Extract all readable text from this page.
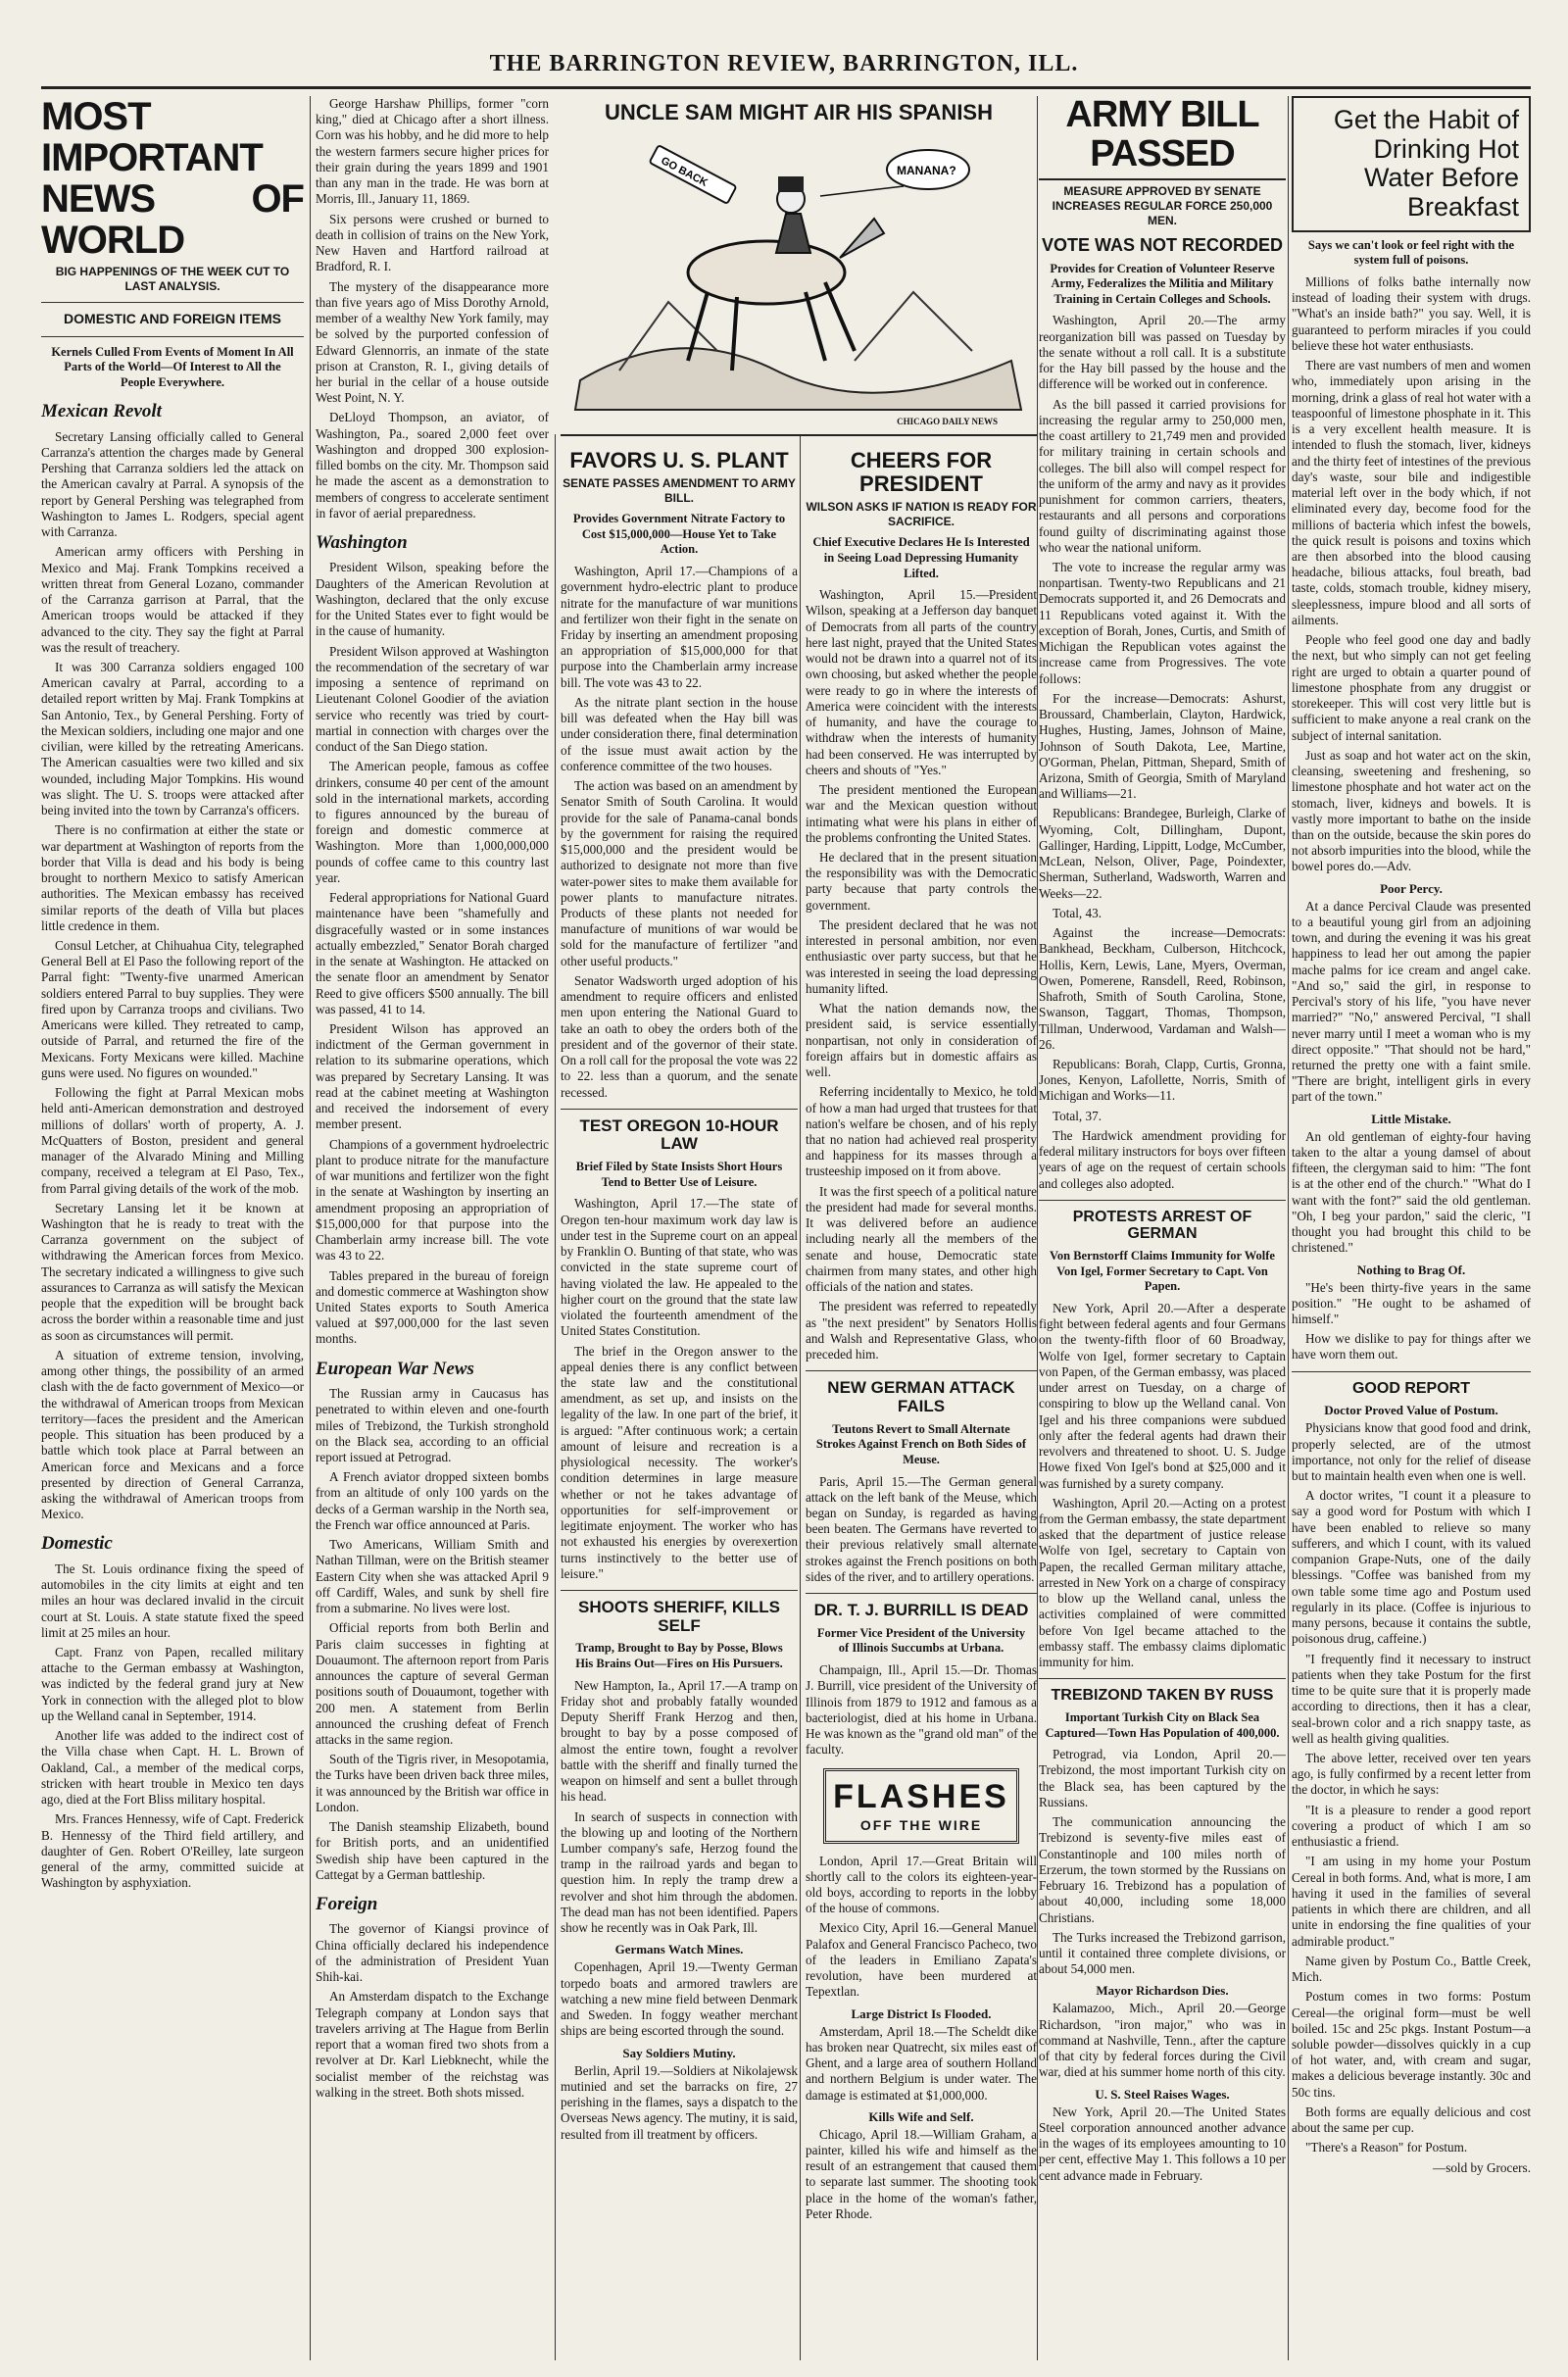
THE BARRINGTON REVIEW, BARRINGTON, ILL.
MOST IMPORTANT NEWS OF WORLD
BIG HAPPENINGS OF THE WEEK CUT TO LAST ANALYSIS.
DOMESTIC AND FOREIGN ITEMS
Kernels Culled From Events of Moment In All Parts of the World—Of Interest to All the People Everywhere.
Mexican Revolt

Secretary Lansing officially called to General Carranza's attention the charges made by General Pershing that Carranza soldiers led the attack on the American cavalry at Parral. A synopsis of the report by General Pershing was telegraphed from Washington to James L. Rodgers, special agent with Carranza.

American army officers with Pershing in Mexico and Maj. Frank Tompkins received a written threat from General Lozano, commander of the Carranza garrison at Parral, that the American troops would be attacked if they advanced to the city. They say the fight at Parral was the result of treachery.

It was 300 Carranza soldiers engaged 100 American cavalry at Parral, according to a detailed report written by Maj. Frank Tompkins at San Antonio, Tex., by General Pershing. Forty of the Mexican soldiers, including one major and one civilian, were killed by the retreating Americans. The American casualties were two killed and six wounded, including Major Tompkins. His wound was slight. The U. S. troops were attacked after being invited into the town by Carranza's officers.

There is no confirmation at either the state or war department at Washington of reports from the border that Villa is dead and his body is being brought to northern Mexico to satisfy American authorities. The Mexican embassy has received similar reports of the death of Villa but places little credence in them.

Consul Letcher, at Chihuahua City, telegraphed General Bell at El Paso the following report of the Parral fight: "Twenty-five unarmed American soldiers entered Parral to buy supplies. They were fired upon by Carranza troops and civilians. Two Americans were killed. They retreated to camp, outside of Parral, and returned the fire of the Mexicans. Forty Mexicans were killed. Machine guns were used. No figures on wounded."

Following the fight at Parral Mexican mobs held anti-American demonstration and destroyed millions of dollars' worth of property, A. J. McQuatters of Boston, president and general manager of the Alvarado Mining and Milling company, received a telegram at El Paso, Tex., from Parral giving details of the work of the mob.

Secretary Lansing let it be known at Washington that he is ready to treat with the Carranza government on the subject of withdrawing the American forces from Mexico. The secretary indicated a willingness to give such assurances to Carranza as will satisfy the Mexican people that the expedition will be brought back across the border within a reasonable time and just as soon as circumstances will permit.

A situation of extreme tension, involving, among other things, the possibility of an armed clash with the de facto government of Mexico—or the withdrawal of American troops from Mexican territory—faces the president and the American people. This situation has been produced by a battle which took place at Parral between an American force and Mexicans and a force presented by direction of General Carranza, asking the withdrawal of American troops from Mexico.

Domestic

The St. Louis ordinance fixing the speed of automobiles in the city limits at eight and ten miles an hour was declared invalid in the circuit court at St. Louis. A state statute fixed the speed limit at 25 miles an hour.

Capt. Franz von Papen, recalled military attache to the German embassy at Washington, was indicted by the federal grand jury at New York in connection with the alleged plot to blow up the Welland canal in September, 1914.

Another life was added to the indirect cost of the Villa chase when Capt. H. L. Brown of Oakland, Cal., a member of the medical corps, stricken with heart trouble in Mexico ten days ago, died at the Fort Bliss military hospital.

Mrs. Frances Hennessy, wife of Capt. Frederick B. Hennessy of the Third field artillery, and daughter of Gen. Robert O'Reilley, late surgeon general of the army, committed suicide at Washington by asphyxiation.

George Harshaw Phillips, former "corn king," died at Chicago after a short illness. Corn was his hobby, and he did more to help the western farmers secure higher prices for their grain during the years 1899 and 1901 than any man in the trade. He was born at Morris, Ill., January 11, 1869.

Six persons were crushed or burned to death in collision of trains on the New York, New Haven and Hartford railroad at Bradford, R. I.

The mystery of the disappearance more than five years ago of Miss Dorothy Arnold, member of a wealthy New York family, may be solved by the purported confession of Edward Glennorris, an inmate of the state prison at Cranston, R. I., giving details of her burial in the cellar of a house outside West Point, N. Y.

DeLloyd Thompson, an aviator, of Washington, Pa., soared 2,000 feet over Washington and dropped 300 explosion-filled bombs on the city. Mr. Thompson said he made the ascent as a demonstration to members of congress to accelerate sentiment in favor of aerial preparedness.

Washington

President Wilson, speaking before the Daughters of the American Revolution at Washington, declared that the only excuse for the United States ever to fight would be in the cause of humanity.

President Wilson approved at Washington the recommendation of the secretary of war imposing a sentence of reprimand on Lieutenant Colonel Goodier of the aviation service who recently was tried by court-martial in connection with charges over the conduct of the San Diego station.

The American people, famous as coffee drinkers, consume 40 per cent of the amount sold in the international markets, according to figures announced by the bureau of foreign and domestic commerce at Washington. More than 1,000,000,000 pounds of coffee came to this country last year.

Federal appropriations for National Guard maintenance have been "shamefully and disgracefully wasted or in some instances actually embezzled," Senator Borah charged in the senate at Washington. He attacked on the senate floor an amendment by Senator Reed to give officers $500 annually. The bill was passed, 41 to 14.

President Wilson has approved an indictment of the German government in relation to its submarine operations, which was prepared by Secretary Lansing. It was read at the cabinet meeting at Washington and received the indorsement of every member present.

Champions of a government hydroelectric plant to produce nitrate for the manufacture of war munitions and fertilizer won the fight in the senate at Washington by inserting an amendment proposing an appropriation of $15,000,000 for that purpose into the Chamberlain army increase bill. The vote was 43 to 22.

Tables prepared in the bureau of foreign and domestic commerce at Washington show United States exports to South America valued at $97,000,000 for the last seven months.

European War News

The Russian army in Caucasus has penetrated to within eleven and one-fourth miles of Trebizond, the Turkish stronghold on the Black sea, according to an official report issued at Petrograd.

A French aviator dropped sixteen bombs from an altitude of only 100 yards on the decks of a German warship in the North sea, the French war office announced at Paris.

Two Americans, William Smith and Nathan Tillman, were on the British steamer Eastern City when she was attacked April 9 off Cardiff, Wales, and sunk by shell fire from a submarine. No lives were lost.

Official reports from both Berlin and Paris claim successes in fighting at Douaumont. The afternoon report from Paris announces the capture of several German positions south of Douaumont, together with 200 men. A statement from Berlin announced the crushing defeat of French attacks in the same region.

South of the Tigris river, in Mesopotamia, the Turks have been driven back three miles, it was announced by the British war office in London.

The Danish steamship Elizabeth, bound for British ports, and an unidentified Swedish ship have been captured in the Cattegat by a German battleship.

Foreign

The governor of Kiangsi province of China officially declared his independence of the administration of President Yuan Shih-kai.

An Amsterdam dispatch to the Exchange Telegraph company at London says that travelers arriving at The Hague from Berlin report that a woman fired two shots from a revolver at Dr. Karl Liebknecht, while the socialist member of the reichstag was walking in the street. Both shots missed.

UNCLE SAM MIGHT AIR HIS SPANISH
GO BACK	MANANA?
CHICAGO DAILY NEWS
FAVORS U. S. PLANT
SENATE PASSES AMENDMENT TO ARMY BILL.
Provides Government Nitrate Factory to Cost $15,000,000—House Yet to Take Action.

Washington, April 17.—Champions of a government hydro-electric plant to produce nitrate for the manufacture of war munitions and fertilizer won their fight in the senate on Friday by inserting an amendment proposing an appropriation of $15,000,000 for that purpose into the Chamberlain army increase bill. The vote was 43 to 22.

As the nitrate plant section in the house bill was defeated when the Hay bill was under consideration there, final determination of the issue must await action by the conference committee of the two houses.

The action was based on an amendment by Senator Smith of South Carolina. It would provide for the sale of Panama-canal bonds by the government for raising the required $15,000,000 and the president would be authorized to designate not more than five water-power sites to make them available for power plants to manufacture nitrates. Products of these plants not needed for manufacture of munitions of war would be sold for the manufacture of fertilizer "and other useful products."

Senator Wadsworth urged adoption of his amendment to require officers and enlisted men upon entering the National Guard to take an oath to obey the orders both of the president and of the governor of their state. On a roll call for the proposal the vote was 22 to 22. less than a quorum, and the senate recessed.

TEST OREGON 10-HOUR LAW
Brief Filed by State Insists Short Hours Tend to Better Use of Leisure.

Washington, April 17.—The state of Oregon ten-hour maximum work day law is under test in the Supreme court on an appeal by Franklin O. Bunting of that state, who was convicted in the state supreme court of having violated the law. He appealed to the higher court on the ground that the state law violated the fourteenth amendment of the United States Constitution.

The brief in the Oregon answer to the appeal denies there is any conflict between the state law and the constitutional amendment, as set up, and insists on the legality of the law. In one part of the brief, it is argued: "After continuous work; a certain amount of leisure and recreation is a physiological necessity. The worker's condition determines in large measure whether or not he takes advantage of opportunities for self-improvement or legitimate enjoyment. The worker who has not exhausted his energies by overexertion turns instinctively to the better use of leisure."

SHOOTS SHERIFF, KILLS SELF
Tramp, Brought to Bay by Posse, Blows His Brains Out—Fires on His Pursuers.

New Hampton, Ia., April 17.—A tramp on Friday shot and probably fatally wounded Deputy Sheriff Frank Herzog and then, brought to bay by a posse composed of almost the entire town, fought a revolver battle with the sheriff and finally turned the weapon on himself and sent a bullet through his head.

In search of suspects in connection with the blowing up and looting of the Northern Lumber company's safe, Herzog found the tramp in the railroad yards and began to question him. In reply the tramp drew a revolver and shot him through the abdomen. The dead man has not been identified. Papers show he recently was in Oak Park, Ill.

Germans Watch Mines.

Copenhagen, April 19.—Twenty German torpedo boats and armored trawlers are watching a new mine field between Denmark and Sweden. In foggy weather merchant ships are being escorted through the sound.

Say Soldiers Mutiny.

Berlin, April 19.—Soldiers at Nikolajewsk mutinied and set the barracks on fire, 27 perishing in the flames, says a dispatch to the Overseas News agency. The mutiny, it is said, resulted from ill treatment by officers.

CHEERS FOR PRESIDENT
WILSON ASKS IF NATION IS READY FOR SACRIFICE.
Chief Executive Declares He Is Interested in Seeing Load Depressing Humanity Lifted.

Washington, April 15.—President Wilson, speaking at a Jefferson day banquet of Democrats from all parts of the country here last night, prayed that the United States would not be drawn into a quarrel not of its own choosing, but asked whether the people were ready to go in where the interests of America were coincident with the interests of humanity, and have the courage to withdraw when the interests of humanity had been conserved. He was interrupted by cheers and shouts of "Yes."

The president mentioned the European war and the Mexican question without intimating what were his plans in either of the problems confronting the United States.

He declared that in the present situation the responsibility was with the Democratic party because that party controls the government.

The president declared that he was not interested in personal ambition, nor even enthusiastic over party success, but that he was interested in seeing the load depressing humanity lifted.

What the nation demands now, the president said, is service essentially nonpartisan, not only in consideration of foreign affairs but in domestic affairs as well.

Referring incidentally to Mexico, he told of how a man had urged that trustees for that nation's welfare be chosen, and of his reply that no nation had achieved real prosperity and happiness for its masses through a trusteeship imposed on it from above.

It was the first speech of a political nature the president had made for several months. It was delivered before an audience including nearly all the members of the senate and house, Democratic state chairmen from many states, and other high officials of the nation and states.

The president was referred to repeatedly as "the next president" by Senators Hollis and Walsh and Representative Glass, who preceded him.

NEW GERMAN ATTACK FAILS
Teutons Revert to Small Alternate Strokes Against French on Both Sides of Meuse.

Paris, April 15.—The German general attack on the left bank of the Meuse, which began on Sunday, is regarded as having been beaten. The Germans have reverted to their previous relatively small alternate strokes against the French positions on both sides of the river, and to artillery operations.

DR. T. J. BURRILL IS DEAD
Former Vice President of the University of Illinois Succumbs at Urbana.

Champaign, Ill., April 15.—Dr. Thomas J. Burrill, vice president of the University of Illinois from 1879 to 1912 and famous as a bacteriologist, died at his home in Urbana. He was known as the "grand old man" of the faculty.

FLASHES
OFF THE WIRE

London, April 17.—Great Britain will shortly call to the colors its eighteen-year-old boys, according to reports in the lobby of the house of commons.

Mexico City, April 16.—General Manuel Palafox and General Francisco Pacheco, two of the leaders in Emiliano Zapata's revolution, have been murdered at Tepextlan.

Large District Is Flooded.

Amsterdam, April 18.—The Scheldt dike has broken near Quatrecht, six miles east of Ghent, and a large area of southern Holland and northern Belgium is under water. The damage is estimated at $1,000,000.

Kills Wife and Self.

Chicago, April 18.—William Graham, a painter, killed his wife and himself as the result of an estrangement that caused them to separate last summer. The shooting took place in the home of the woman's father, Peter Rhode.

ARMY BILL PASSED
MEASURE APPROVED BY SENATE INCREASES REGULAR FORCE 250,000 MEN.
VOTE WAS NOT RECORDED
Provides for Creation of Volunteer Reserve Army, Federalizes the Militia and Military Training in Certain Colleges and Schools.

Washington, April 20.—The army reorganization bill was passed on Tuesday by the senate without a roll call. It is a substitute for the Hay bill passed by the house and the difference will be worked out in conference.

As the bill passed it carried provisions for increasing the regular army to 250,000 men, the coast artillery to 21,749 men and provided for military training in certain schools and colleges. The bill also will compel respect for the uniform of the army and navy as it provides punishment for common carriers, theaters, restaurants and all persons and corporations found guilty of discriminating against those who wear the national uniform.

The vote to increase the regular army was nonpartisan. Twenty-two Republicans and 21 Democrats supported it, and 26 Democrats and 11 Republicans voted against it. With the exception of Borah, Jones, Curtis, and Smith of Michigan the Republican votes against the increase came from Progressives. The vote follows:

For the increase—Democrats: Ashurst, Broussard, Chamberlain, Clayton, Hardwick, Hughes, Husting, James, Johnson of Maine, Johnson of South Dakota, Lee, Martine, O'Gorman, Phelan, Pittman, Shepard, Smith of Arizona, Smith of Georgia, Smith of Maryland and Williams—21.

Republicans: Brandegee, Burleigh, Clarke of Wyoming, Colt, Dillingham, Dupont, Gallinger, Harding, Lippitt, Lodge, McCumber, McLean, Nelson, Oliver, Page, Poindexter, Sherman, Sutherland, Wadsworth, Warren and Weeks—22.

Total, 43.

Against the increase—Democrats: Bankhead, Beckham, Culberson, Hitchcock, Hollis, Kern, Lewis, Lane, Myers, Overman, Owen, Pomerene, Ransdell, Reed, Robinson, Shafroth, Smith of South Carolina, Stone, Swanson, Taggart, Thomas, Thompson, Tillman, Underwood, Vardaman and Walsh—26.

Republicans: Borah, Clapp, Curtis, Gronna, Jones, Kenyon, Lafollette, Norris, Smith of Michigan and Works—11.

Total, 37.

The Hardwick amendment providing for federal military instructors for boys over fifteen years of age on the request of certain schools and colleges also adopted.

PROTESTS ARREST OF GERMAN
Von Bernstorff Claims Immunity for Wolfe Von Igel, Former Secretary to Capt. Von Papen.

New York, April 20.—After a desperate fight between federal agents and four Germans on the twenty-fifth floor of 60 Broadway, Wolfe von Igel, former secretary to Captain von Papen, of the German embassy, was placed under arrest on Tuesday, on a charge of conspiring to blow up the Welland canal. Von Igel and his three companions were subdued only after the federal agents had drawn their revolvers and threatened to shoot. U. S. Judge Howe fixed Von Igel's bond at $25,000 and it was furnished by a surety company.

Washington, April 20.—Acting on a protest from the German embassy, the state department asked that the department of justice release Wolfe von Igel, secretary to Captain von Papen, the recalled German military attache, arrested in New York on a charge of conspiracy to blow up the Welland canal, unless the activities complained of were committed before Von Igel became attached to the embassy staff. The embassy claims diplomatic immunity for him.

TREBIZOND TAKEN BY RUSS
Important Turkish City on Black Sea Captured—Town Has Population of 400,000.

Petrograd, via London, April 20.—Trebizond, the most important Turkish city on the Black sea, has been captured by the Russians.

The communication announcing the Trebizond is seventy-five miles east of Constantinople and 100 miles north of Erzerum, the town stormed by the Russians on February 16. Trebizond has a population of about 40,000, including some 18,000 Christians.

The Turks increased the Trebizond garrison, until it contained three complete divisions, or about 54,000 men.

Mayor Richardson Dies.

Kalamazoo, Mich., April 20.—George Richardson, "iron major," who was in command at Nashville, Tenn., after the capture of that city by federal forces during the Civil war, died at his summer home north of this city.

U. S. Steel Raises Wages.

New York, April 20.—The United States Steel corporation announced another advance in the wages of its employees amounting to 10 per cent, effective May 1. This follows a 10 per cent advance made in February.

Get the Habit of Drinking Hot Water Before Breakfast
Says we can't look or feel right with the system full of poisons.

Millions of folks bathe internally now instead of loading their system with drugs. "What's an inside bath?" you say. Well, it is guaranteed to perform miracles if you could believe these hot water enthusiasts.

There are vast numbers of men and women who, immediately upon arising in the morning, drink a glass of real hot water with a teaspoonful of limestone phosphate in it. This is a very excellent health measure. It is intended to flush the stomach, liver, kidneys and the thirty feet of intestines of the previous day's waste, sour bile and indigestible material left over in the body which, if not eliminated every day, become food for the millions of bacteria which infest the bowels, the quick result is poisons and toxins which are then absorbed into the blood causing headache, bilious attacks, foul breath, bad taste, colds, stomach trouble, kidney misery, sleeplessness, impure blood and all sorts of ailments.

People who feel good one day and badly the next, but who simply can not get feeling right are urged to obtain a quarter pound of limestone phosphate from any druggist or storekeeper. This will cost very little but is sufficient to make anyone a real crank on the subject of internal sanitation.

Just as soap and hot water act on the skin, cleansing, sweetening and freshening, so limestone phosphate and hot water act on the stomach, liver, kidneys and bowels. It is vastly more important to bathe on the inside than on the outside, because the skin pores do not absorb impurities into the blood, while the bowel pores do.—Adv.

Poor Percy.

At a dance Percival Claude was presented to a beautiful young girl from an adjoining town, and during the evening it was his great happiness to lead her out among the papier mache palms for ice cream and angel cake. "And so," said the girl, in response to Percival's story of his life, "you have never married?" "No," answered Percival, "I shall never marry until I meet a woman who is my direct opposite." "That should not be hard," returned the pretty one with a faint smile. "There are bright, intelligent girls in every part of the town."

Little Mistake.

An old gentleman of eighty-four having taken to the altar a young damsel of about fifteen, the clergyman said to him: "The font is at the other end of the church." "What do I want with the font?" said the old gentleman. "Oh, I beg your pardon," said the cleric, "I thought you had brought this child to be christened."

Nothing to Brag Of.

"He's been thirty-five years in the same position." "He ought to be ashamed of himself."

How we dislike to pay for things after we have worn them out.

GOOD REPORT
Doctor Proved Value of Postum.

Physicians know that good food and drink, properly selected, are of the utmost importance, not only for the relief of disease but to maintain health even when one is well.

A doctor writes, "I count it a pleasure to say a good word for Postum with which I have been enabled to relieve so many sufferers, and which I count, with its valued companion Grape-Nuts, one of the daily blessings. "Coffee was banished from my own table some time ago and Postum used regularly in its place. (Coffee is injurious to many persons, because it contains the subtle, poisonous drug, caffeine.)

"I frequently find it necessary to instruct patients when they take Postum for the first time to be quite sure that it is properly made according to directions, then it has a clear, seal-brown color and a rich snappy taste, as well as health giving qualities.

The above letter, received over ten years ago, is fully confirmed by a recent letter from the doctor, in which he says:

"It is a pleasure to render a good report covering a product of which I am so enthusiastic a friend.

"I am using in my home your Postum Cereal in both forms. And, what is more, I am having it used in the families of several patients in which there are children, and all unite in endorsing the fine qualities of your admirable product."

Name given by Postum Co., Battle Creek, Mich.

Postum comes in two forms: Postum Cereal—the original form—must be well boiled. 15c and 25c pkgs. Instant Postum—a soluble powder—dissolves quickly in a cup of hot water, and, with cream and sugar, makes a delicious beverage instantly. 30c and 50c tins.

Both forms are equally delicious and cost about the same per cup.

"There's a Reason" for Postum.

—sold by Grocers.
